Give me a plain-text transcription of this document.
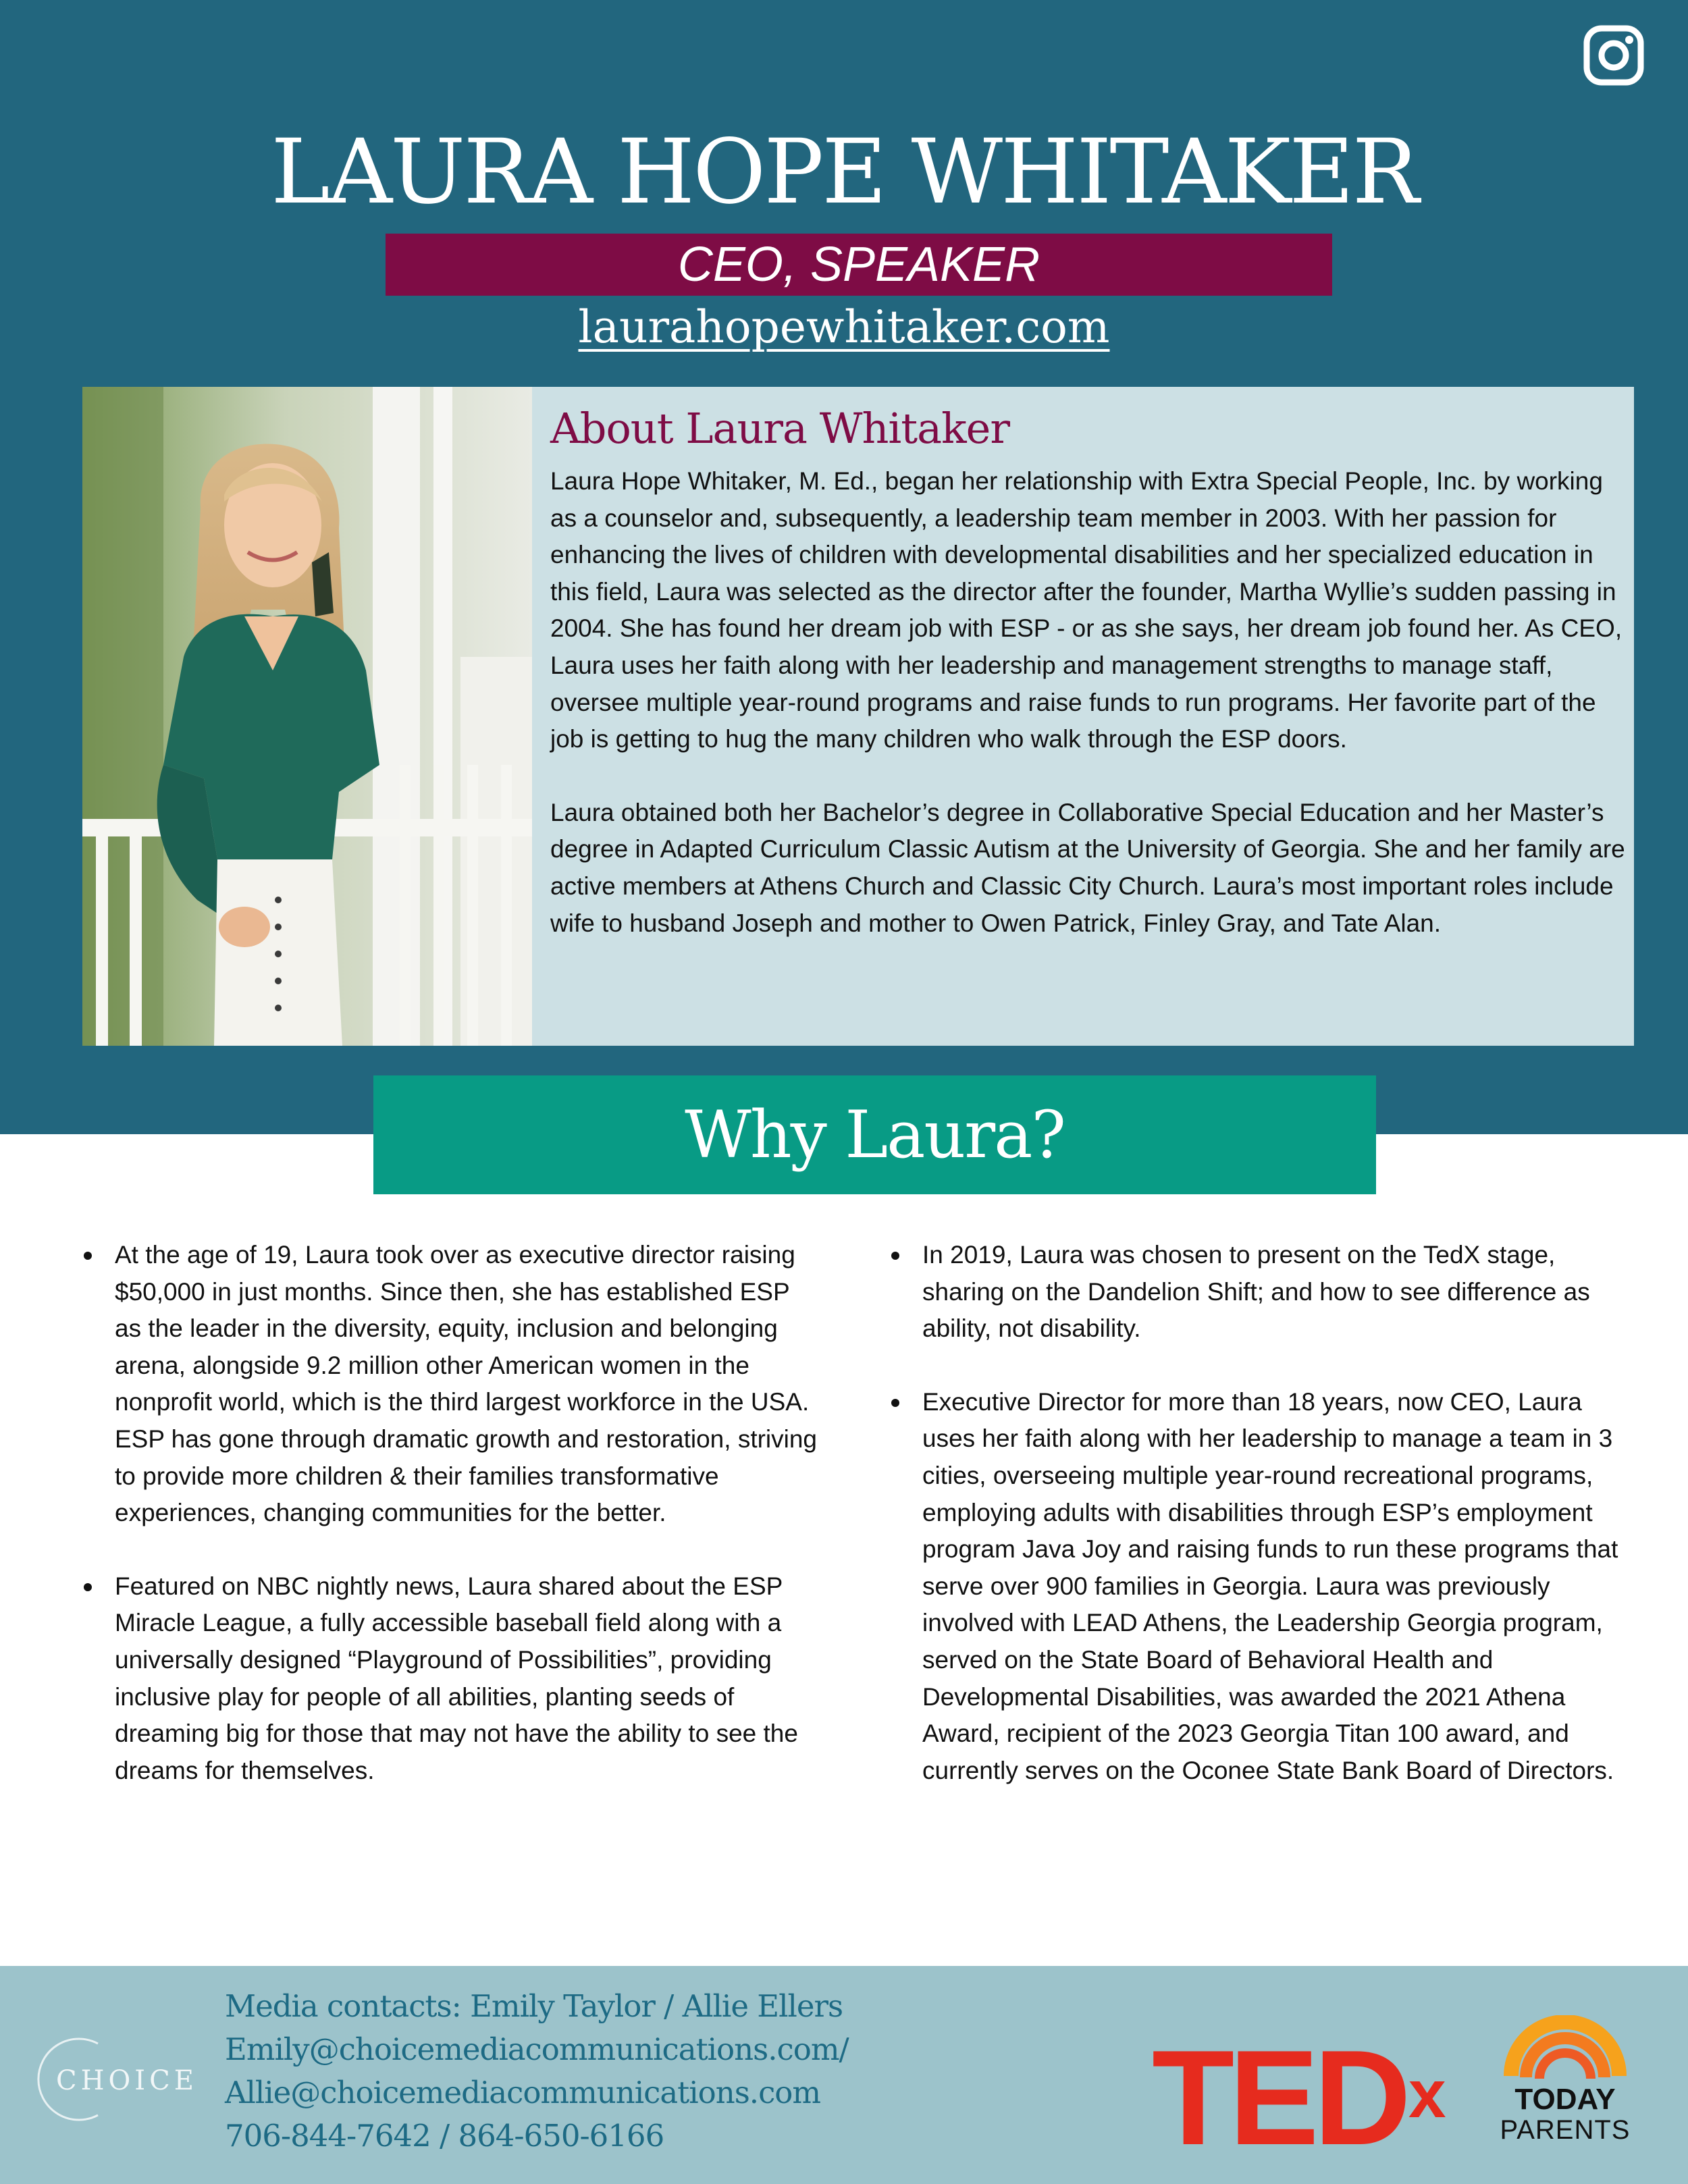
LAURA HOPE WHITAKER
CEO, SPEAKER
laurahopewhitaker.com
About Laura Whitaker

Laura Hope Whitaker, M. Ed., began her relationship with Extra Special People, Inc. by working as a counselor and, subsequently, a leadership team member in 2003. With her passion for enhancing the lives of children with developmental disabilities and her specialized education in this field, Laura was selected as the director after the founder, Martha Wyllie’s sudden passing in 2004. She has found her dream job with ESP - or as she says, her dream job found her. As CEO, Laura uses her faith along with her leadership and management strengths to manage staff, oversee multiple year-round programs and raise funds to run programs. Her favorite part of the job is getting to hug the many children who walk through the ESP doors.

Laura obtained both her Bachelor’s degree in Collaborative Special Education and her Master’s degree in Adapted Curriculum Classic Autism at the University of Georgia. She and her family are active members at Athens Church and Classic City Church. Laura’s most important roles include wife to husband Joseph and mother to Owen Patrick, Finley Gray, and Tate Alan.

Why Laura?
At the age of 19, Laura took over as executive director raising $50,000 in just months. Since then, she has established ESP as the leader in the diversity, equity, inclusion and belonging arena, alongside 9.2 million other American women in the nonprofit world, which is the third largest workforce in the USA. ESP has gone through dramatic growth and restoration, striving to provide more children & their families transformative experiences, changing communities for the better.
Featured on NBC nightly news, Laura shared about the ESP Miracle League, a fully accessible baseball field along with a universally designed “Playground of Possibilities”, providing inclusive play for people of all abilities, planting seeds of dreaming big for those that may not have the ability to see the dreams for themselves.
In 2019, Laura was chosen to present on the TedX stage, sharing on the Dandelion Shift; and how to see difference as ability, not disability.
Executive Director for more than 18 years, now CEO, Laura uses her faith along with her leadership to manage a team in 3 cities, overseeing multiple year-round recreational programs, employing adults with disabilities through ESP’s employment program Java Joy and raising funds to run these programs that serve over 900 families in Georgia. Laura was previously involved with LEAD Athens, the Leadership Georgia program, served on the State Board of Behavioral Health and Developmental Disabilities, was awarded the 2021 Athena Award, recipient of the 2023 Georgia Titan 100 award, and currently serves on the Oconee State Bank Board of Directors.
CHOICE
Media contacts: Emily Taylor / Allie Ellers
Emily@choicemediacommunications.com/
Allie@choicemediacommunications.com
706-844-7642 / 864-650-6166	TED$^x$	TODAY
PARENTS
